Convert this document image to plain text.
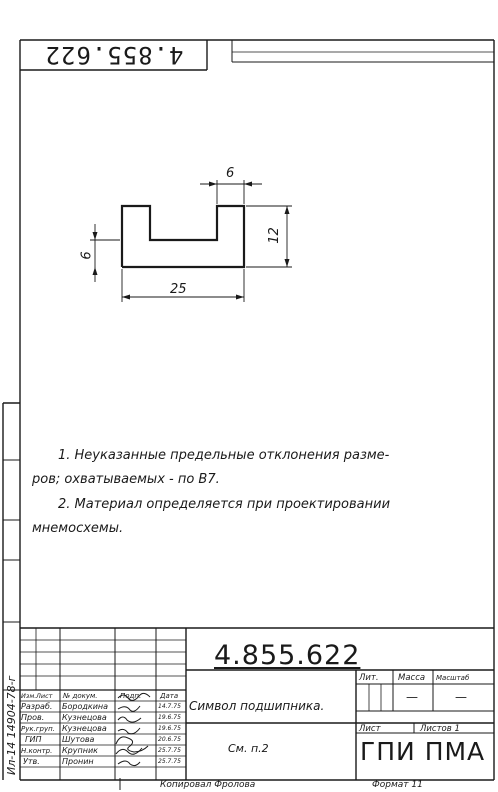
4.855.622
6
12
6
25
1. Неуказанные предельные отклонения разме-
ров; охватываемых - по В7.
2. Материал определяется при проектировании
мнемосхемы.
Ил-14 14904-78-г
4.855.622
Символ подшипника.
См. п.2	ГПИ ПМА
Лит. Масса Масштаб
—	—
Лист	Листов 1
Изм. Лист № докум.	Подп.	Дата
Разраб. Бородкина	14.7.75
Пров. Кузнецова	19.6.75
Рук.груп. Кузнецова	19.6.75
ГИП	Шутова	20.6.75
Н.контр. Крупник	25.7.75
Утв.	Пронин	25.7.75
Копировал Фролова	Формат 11
